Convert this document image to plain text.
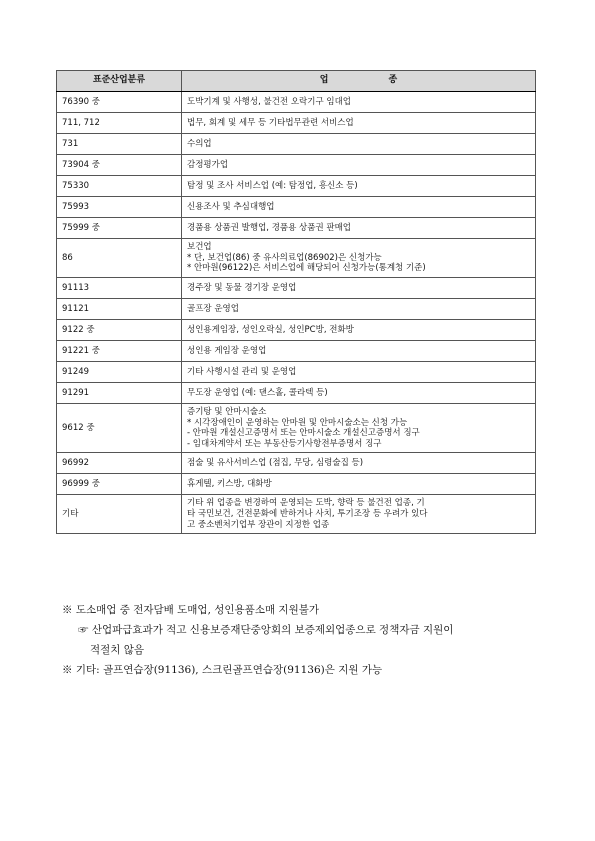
표준산업분류	업 종
76390 중	도박기계 및 사행성, 불건전 오락기구 임대업

711, 712	법무, 회계 및 세무 등 기타법무관련 서비스업

731	수의업

73904 중	감정평가업

75330	탐정 및 조사 서비스업 (예: 탐정업, 흥신소 등)

75993	신용조사 및 추심대행업

75999 중	경품용 상품권 발행업, 경품용 상품권 판매업

86	보건업
* 단, 보건업(86) 중 유사의료업(86902)은 신청가능
* 안마원(96122)은 서비스업에 해당되어 신청가능(통계청 기준)

91113	경주장 및 동물 경기장 운영업

91121	골프장 운영업

9122 중	성인용게임장, 성인오락실, 성인PC방, 전화방

91221 중	성인용 게임장 운영업

91249	기타 사행시설 관리 및 운영업

91291	무도장 운영업 (예: 댄스홀, 콜라텍 등)

9612 중	증기탕 및 안마시술소
* 시각장애인이 운영하는 안마원 및 안마시술소는 신청 가능
- 안마원 개설신고증명서 또는 안마시술소 개설신고증명서 징구
- 임대차계약서 또는 부동산등기사항전부증명서 징구

96992	점술 및 유사서비스업 (점집, 무당, 심령술집 등)

96999 중	휴게텔, 키스방, 대화방

기타	기타 위 업종을 변경하여 운영되는 도박, 향락 등 불건전 업종, 기
타 국민보건, 건전문화에 반하거나 사치, 투기조장 등 우려가 있다
고 중소벤처기업부 장관이 지정한 업종
※ 도소매업 중 전자담배 도매업, 성인용품소매 지원불가
☞ 산업파급효과가 적고 신용보증재단중앙회의 보증제외업종으로 정책자금 지원이
적절치 않음
※ 기타: 골프연습장(91136), 스크린골프연습장(91136)은 지원 가능
